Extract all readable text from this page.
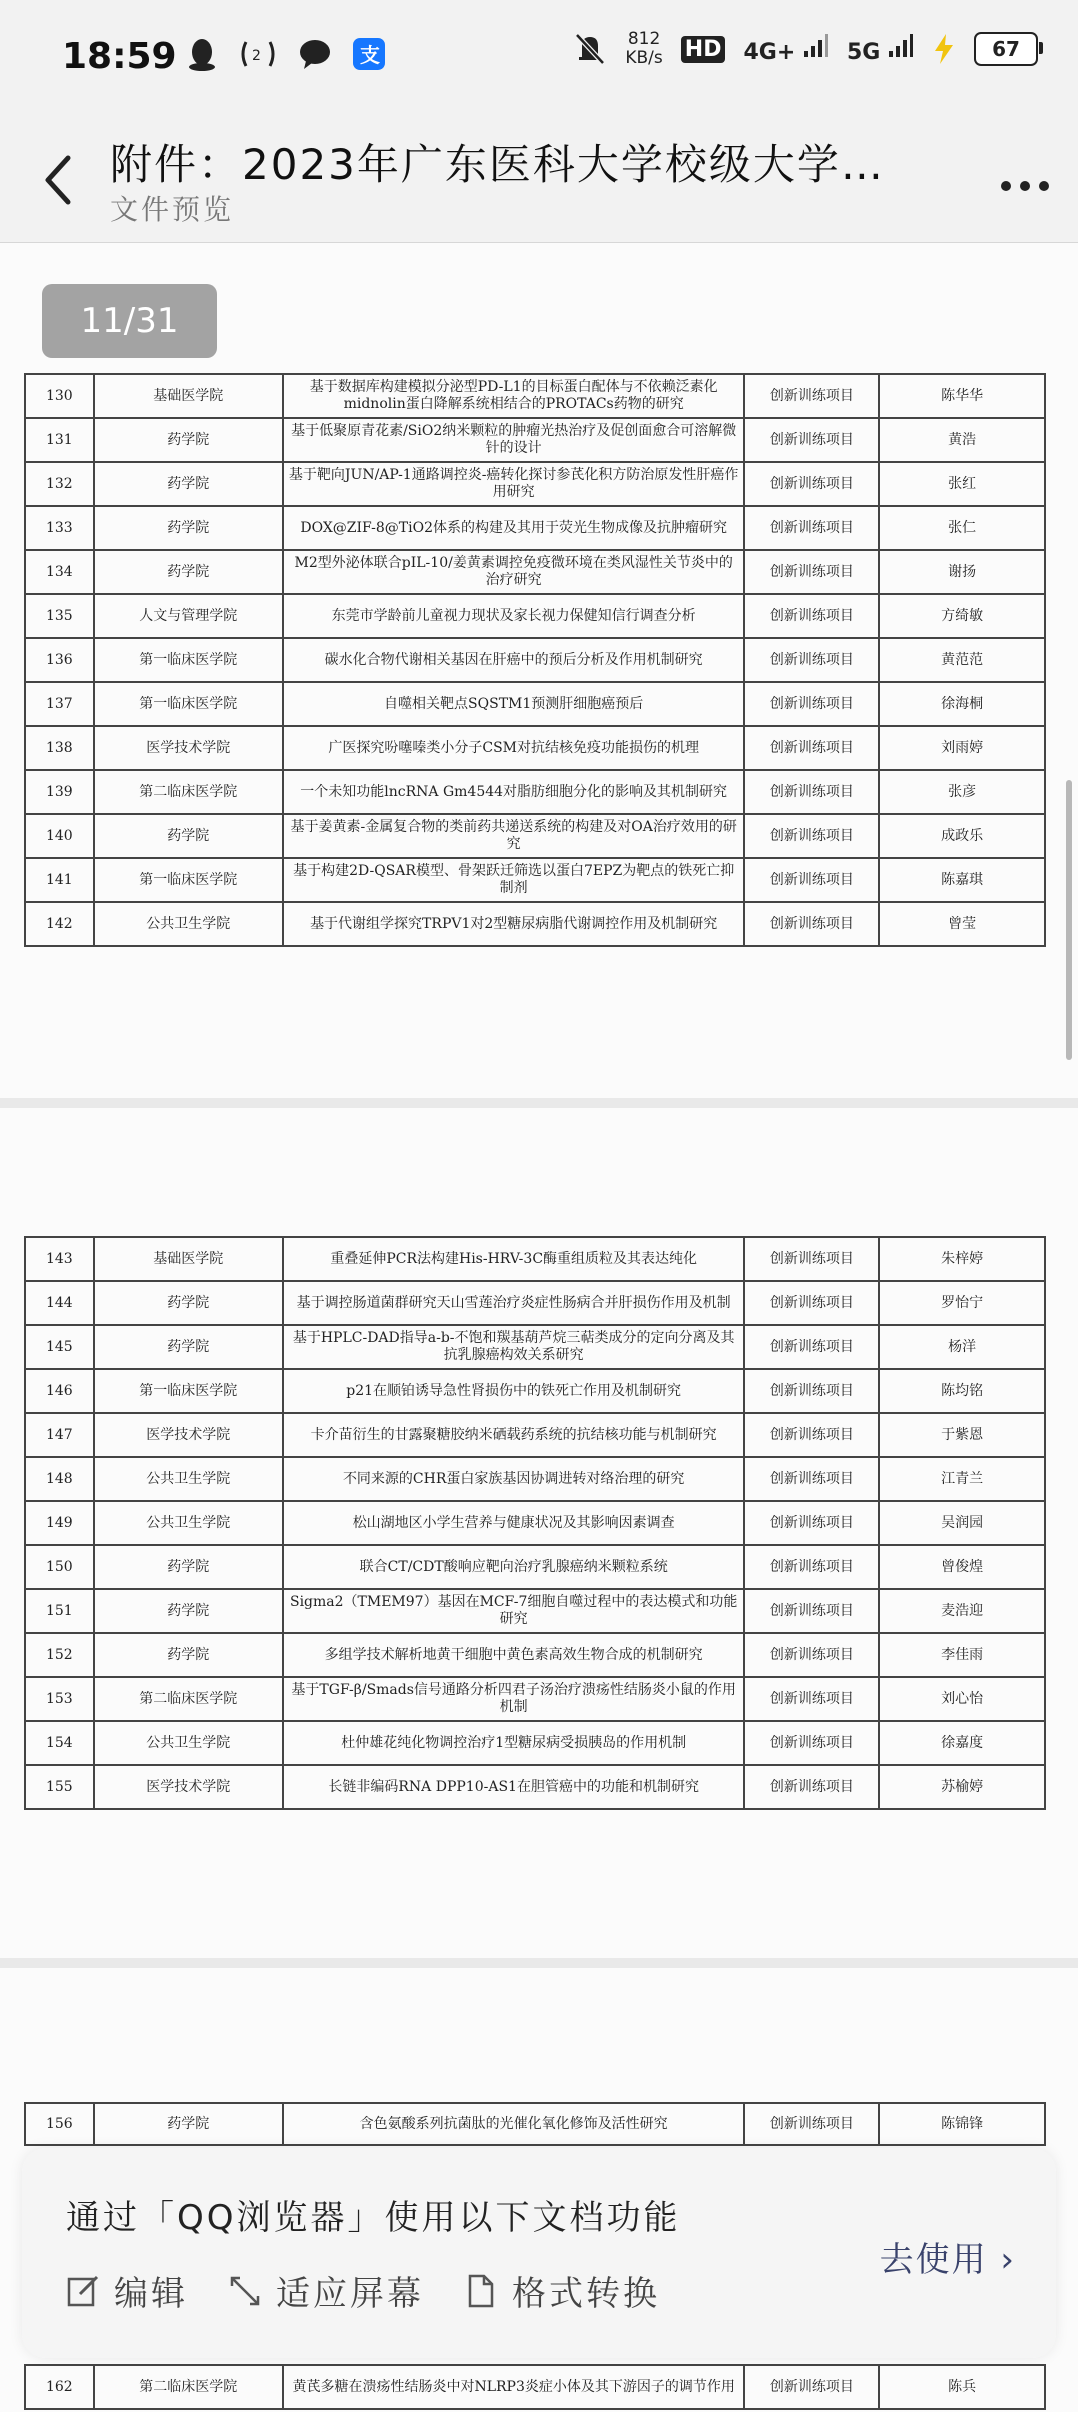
18:59	2	支
812
KB/s HD 4G+	5G	67
附件：2023年广东医科大学校级大学…
文件预览
11/31
130	基础医学院	基于数据库构建模拟分泌型PD-L1的目标蛋白配体与不依赖泛素化midnolin蛋白降解系统相结合的PROTACs药物的研究	创新训练项目	陈华华
131	药学院	基于低聚原青花素/SiO2纳米颗粒的肿瘤光热治疗及促创面愈合可溶解微针的设计	创新训练项目	黄浩
132	药学院	基于靶向JUN/AP-1通路调控炎-癌转化探讨参芪化积方防治原发性肝癌作用研究	创新训练项目	张红
133	药学院	DOX@ZIF-8@TiO2体系的构建及其用于荧光生物成像及抗肿瘤研究	创新训练项目	张仁
134	药学院	M2型外泌体联合pIL-10/姜黄素调控免疫微环境在类风湿性关节炎中的治疗研究	创新训练项目	谢扬
135	人文与管理学院	东莞市学龄前儿童视力现状及家长视力保健知信行调查分析	创新训练项目	方绮敏
136	第一临床医学院	碳水化合物代谢相关基因在肝癌中的预后分析及作用机制研究	创新训练项目	黄范范
137	第一临床医学院	自噬相关靶点SQSTM1预测肝细胞癌预后	创新训练项目	徐海桐
138	医学技术学院	广医探究吩噻嗪类小分子CSM对抗结核免疫功能损伤的机理	创新训练项目	刘雨婷
139	第二临床医学院	一个未知功能lncRNA Gm4544对脂肪细胞分化的影响及其机制研究	创新训练项目	张彦
140	药学院	基于姜黄素-金属复合物的类前药共递送系统的构建及对OA治疗效用的研究	创新训练项目	成政乐
141	第一临床医学院	基于构建2D-QSAR模型、骨架跃迁筛选以蛋白7EPZ为靶点的铁死亡抑制剂	创新训练项目	陈嘉琪
142	公共卫生学院	基于代谢组学探究TRPV1对2型糖尿病脂代谢调控作用及机制研究	创新训练项目	曾莹
143	基础医学院	重叠延伸PCR法构建His-HRV-3C酶重组质粒及其表达纯化	创新训练项目	朱梓婷
144	药学院	基于调控肠道菌群研究天山雪莲治疗炎症性肠病合并肝损伤作用及机制	创新训练项目	罗怡宁
145	药学院	基于HPLC-DAD指导a-b-不饱和羰基葫芦烷三萜类成分的定向分离及其抗乳腺癌构效关系研究	创新训练项目	杨洋
146	第一临床医学院	p21在顺铂诱导急性肾损伤中的铁死亡作用及机制研究	创新训练项目	陈均铭
147	医学技术学院	卡介苗衍生的甘露聚糖胶纳米硒载药系统的抗结核功能与机制研究	创新训练项目	于紫恩
148	公共卫生学院	不同来源的CHR蛋白家族基因协调进转对络治理的研究	创新训练项目	江青兰
149	公共卫生学院	松山湖地区小学生营养与健康状况及其影响因素调查	创新训练项目	吴润园
150	药学院	联合CT/CDT酸响应靶向治疗乳腺癌纳米颗粒系统	创新训练项目	曾俊煌
151	药学院	Sigma2（TMEM97）基因在MCF-7细胞自噬过程中的表达模式和功能研究	创新训练项目	麦浩迎
152	药学院	多组学技术解析地黄干细胞中黄色素高效生物合成的机制研究	创新训练项目	李佳雨
153	第二临床医学院	基于TGF-β/Smads信号通路分析四君子汤治疗溃疡性结肠炎小鼠的作用机制	创新训练项目	刘心怡
154	公共卫生学院	杜仲雄花纯化物调控治疗1型糖尿病受损胰岛的作用机制	创新训练项目	徐嘉度
155	医学技术学院	长链非编码RNA DPP10-AS1在胆管癌中的功能和机制研究	创新训练项目	苏榆婷
156	药学院	含色氨酸系列抗菌肽的光催化氧化修饰及活性研究	创新训练项目	陈锦锋
162	第二临床医学院	黄芪多糖在溃疡性结肠炎中对NLRP3炎症小体及其下游因子的调节作用	创新训练项目	陈兵
通过「QQ浏览器」使用以下文档功能
编辑	适应屏幕	格式转换
去使用 ›
